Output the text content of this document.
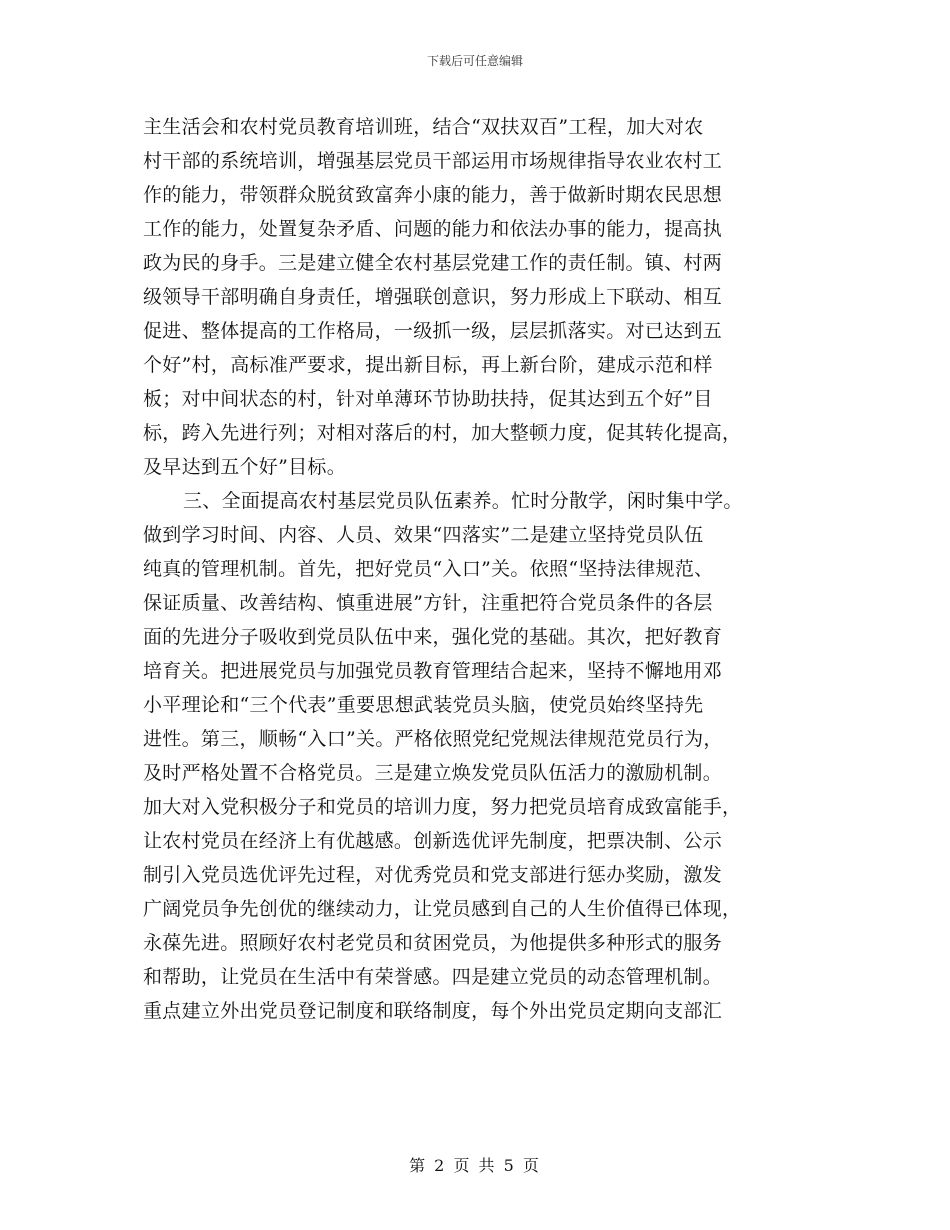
下载后可任意编辑
主生活会和农村党员教育培训班，结合“双扶双百”工程，加大对农
村干部的系统培训，增强基层党员干部运用市场规律指导农业农村工
作的能力，带领群众脱贫致富奔小康的能力，善于做新时期农民思想
工作的能力，处置复杂矛盾、问题的能力和依法办事的能力，提高执
政为民的身手。三是建立健全农村基层党建工作的责任制。镇、村两
级领导干部明确自身责任，增强联创意识，努力形成上下联动、相互
促进、整体提高的工作格局，一级抓一级，层层抓落实。对已达到五
个好”村，高标准严要求，提出新目标，再上新台阶，建成示范和样
板；对中间状态的村，针对单薄环节协助扶持，促其达到五个好”目
标，跨入先进行列；对相对落后的村，加大整顿力度，促其转化提高，
及早达到五个好”目标。
三、全面提高农村基层党员队伍素养。忙时分散学，闲时集中学。
做到学习时间、内容、人员、效果“四落实”二是建立坚持党员队伍
纯真的管理机制。首先，把好党员“入口”关。依照“坚持法律规范、
保证质量、改善结构、慎重进展”方针，注重把符合党员条件的各层
面的先进分子吸收到党员队伍中来，强化党的基础。其次，把好教育
培育关。把进展党员与加强党员教育管理结合起来，坚持不懈地用邓
小平理论和“三个代表”重要思想武装党员头脑，使党员始终坚持先
进性。第三，顺畅“入口”关。严格依照党纪党规法律规范党员行为，
及时严格处置不合格党员。三是建立焕发党员队伍活力的激励机制。
加大对入党积极分子和党员的培训力度，努力把党员培育成致富能手，
让农村党员在经济上有优越感。创新选优评先制度，把票决制、公示
制引入党员选优评先过程，对优秀党员和党支部进行惩办奖励，激发
广阔党员争先创优的继续动力，让党员感到自己的人生价值得已体现，
永葆先进。照顾好农村老党员和贫困党员，为他提供多种形式的服务
和帮助，让党员在生活中有荣誉感。四是建立党员的动态管理机制。
重点建立外出党员登记制度和联络制度，每个外出党员定期向支部汇
第 2 页 共 5 页
